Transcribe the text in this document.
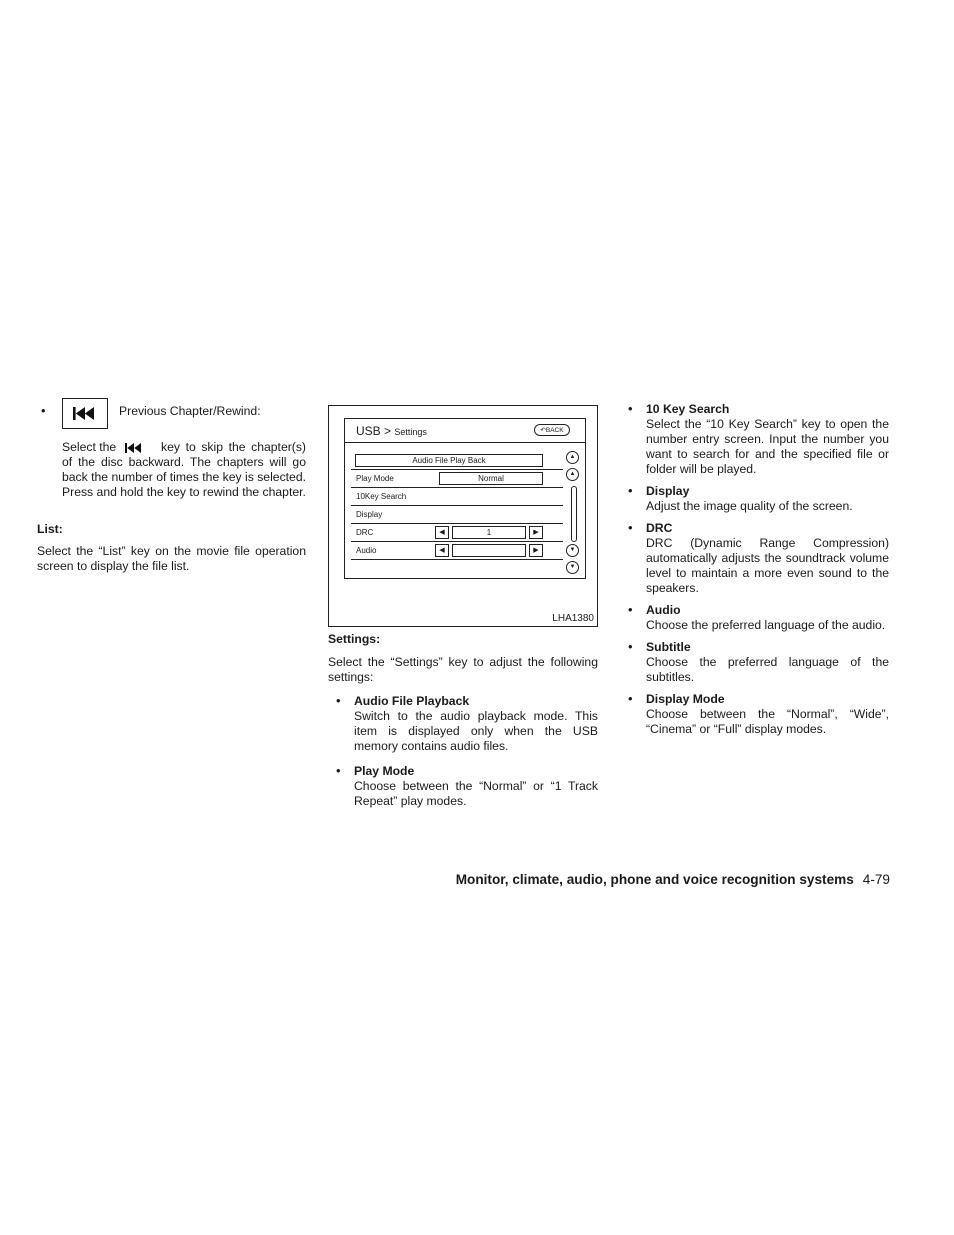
•	Previous Chapter/Rewind:

Select the	key to skip the chapter(s) of the disc backward. The chapters will go back the number of times the key is selected. Press and hold the key to rewind the chapter.

List:

Select the “List” key on the movie file operation screen to display the file list.

USB > Settings	↶BACK
Audio File Play Back
Play Mode	Normal
10Key Search
Display
DRC	◀	1	▶
Audio	◀	▶
▲
▲
▼
▼
LHA1380

Settings:

Select the “Settings” key to adjust the following settings:

• Audio File Playback

Switch to the audio playback mode. This item is displayed only when the USB memory contains audio files.

• Play Mode

Choose between the “Normal” or “1 Track Repeat” play modes.

• 10 Key Search

Select the “10 Key Search” key to open the number entry screen. Input the number you want to search for and the specified file or folder will be played.

• Display

Adjust the image quality of the screen.

• DRC

DRC (Dynamic Range Compression) automatically adjusts the soundtrack volume level to maintain a more even sound to the speakers.

• Audio

Choose the preferred language of the audio.

• Subtitle

Choose the preferred language of the subtitles.

• Display Mode

Choose between the “Normal”, “Wide”, “Cinema” or “Full” display modes.

Monitor, climate, audio, phone and voice recognition systems 4-79
